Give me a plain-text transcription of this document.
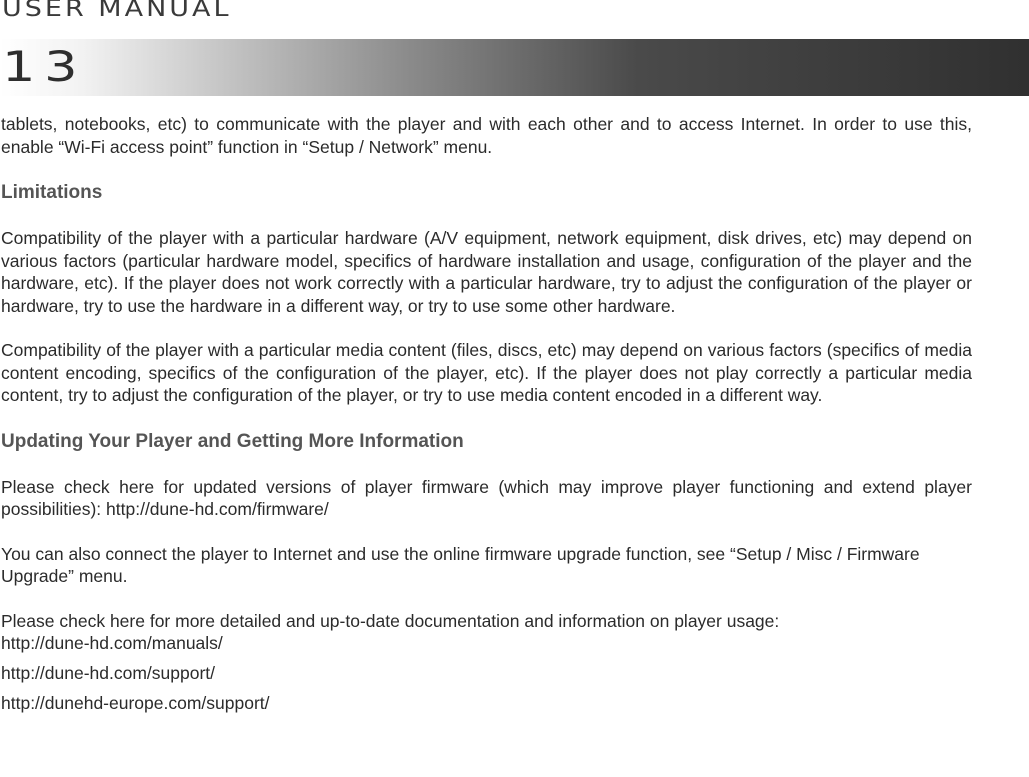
USER MANUAL
13

tablets, notebooks, etc) to communicate with the player and with each other and to access Internet. In order to use this, enable “Wi-Fi access point” function in “Setup / Network” menu.

Limitations

Compatibility of the player with a particular hardware (A/V equipment, network equipment, disk drives, etc) may depend on various factors (particular hardware model, specifics of hardware installation and usage, configuration of the player and the hardware, etc). If the player does not work correctly with a particular hardware, try to adjust the configuration of the player or hardware, try to use the hardware in a different way, or try to use some other hardware.

Compatibility of the player with a particular media content (files, discs, etc) may depend on various factors (specifics of media content encoding, specifics of the configuration of the player, etc). If the player does not play correctly a particular media content, try to adjust the configuration of the player, or try to use media content encoded in a different way.

Updating Your Player and Getting More Information

Please check here for updated versions of player firmware (which may improve player functioning and extend player possibilities): http://dune-hd.com/firmware/

You can also connect the player to Internet and use the online firmware upgrade function, see “Setup / Misc / Firmware Upgrade” menu.

Please check here for more detailed and up-to-date documentation and information on player usage:

http://dune-hd.com/manuals/
http://dune-hd.com/support/
http://dunehd-europe.com/support/
